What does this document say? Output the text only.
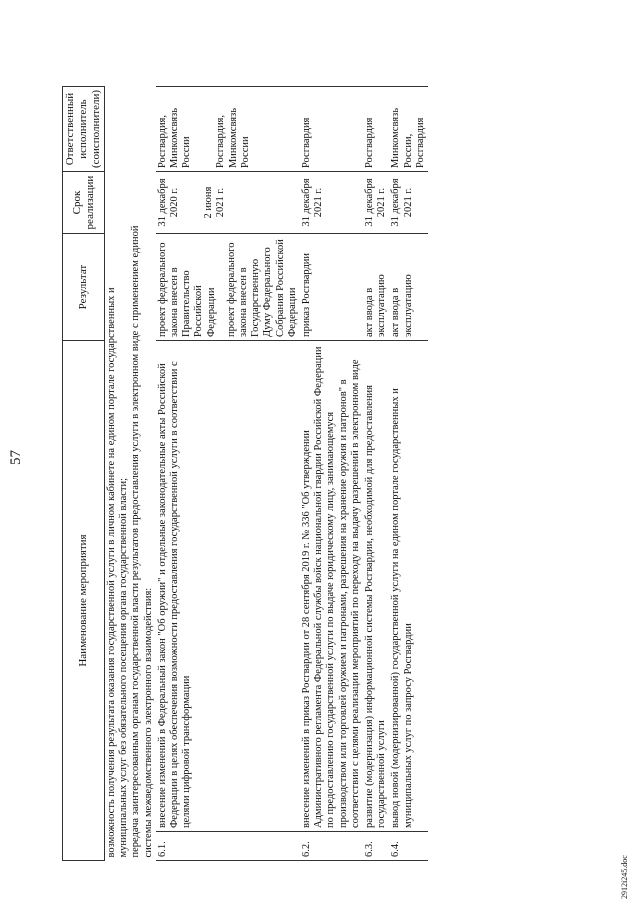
57
Наименование мероприятия		Результат	Срок реализации	Ответственный исполнитель (соисполнители)

возможность получения результата оказания государственной услуги в личном кабинете на едином портале государственных и муниципальных услуг без обязательного посещения органа государственной власти; передача заинтересованным органам государственной власти результатов предоставления услуги в электронном виде с применением единой системы межведомственного электронного взаимодействия:				

6.1.	внесение изменений в Федеральный закон "Об оружии" и отдельные законодательные акты Российской Федерации в целях обеспечения возможности предоставления государственной услуги в соответствии с целями цифровой трансформации	проект федерального закона внесен в Правительство Российской Федерации проект федерального закона внесен в Государственную Думу Федерального Собрания Российской Федерации	31 декабря 2020 г. 2 июня 2021 г.	Росгвардия, Минкомсвязь России Росгвардия, Минкомсвязь России

6.2.	внесение изменений в приказ Росгвардии от 28 сентября 2019 г. № 336 "Об утверждении Административного регламента Федеральной службы войск национальной гвардии Российской Федерации по предоставлению государственной услуги по выдаче юридическому лицу, занимающемуся производством или торговлей оружием и патронами, разрешения на хранение оружия и патронов" в соответствии с целями реализации мероприятий по переходу на выдачу разрешений в электронном виде	приказ Росгвардии	31 декабря 2021 г.	Росгвардия
6.3.	развитие (модернизация) информационной системы Росгвардии, необходимой для предоставления государственной услуги	акт ввода в эксплуатацию	31 декабря 2021 г.	Росгвардия
6.4.	вывод новой (модернизированной) государственной услуги на едином портале государственных и муниципальных услуг по запросу Росгвардии	акт ввода в эксплуатацию	31 декабря 2021 г.	Минкомсвязь России, Росгвардия
2912i245.doc
